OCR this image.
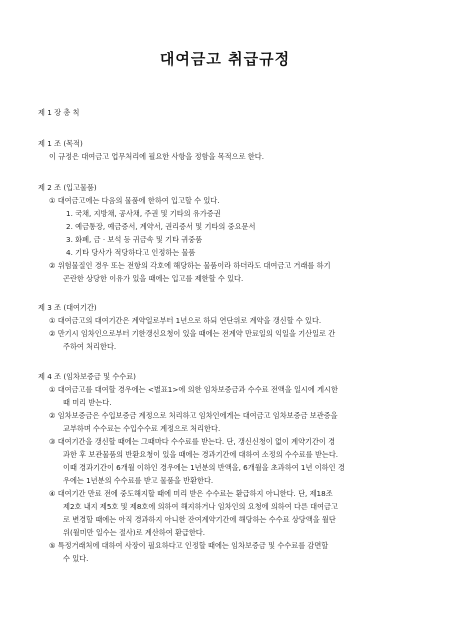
대여금고 취급규정
제 1 장 총 칙
제 1 조 (목적)
이 규정은 대여금고 업무처리에 필요한 사항을 정함을 목적으로 한다.
제 2 조 (입고물품)
① 대여금고에는 다음의 물품에 한하여 입고할 수 있다.
1. 국채, 지방채, 공사채, 주권 및 기타의 유가증권
2. 예금통장, 예금증서, 계약서, 권리증서 및 기타의 중요문서
3. 화폐, 금 · 보석 등 귀금속 및 기타 귀중품
4. 기타 당사가 적당하다고 인정하는 물품
② 위험물질인 경우 또는 전항의 각호에 해당하는 물품이라 하더라도 대여금고 거래를 하기
곤란한 상당한 이유가 있을 때에는 입고를 제한할 수 있다.
제 3 조 (대여기간)
① 대여금고의 대여기간은 계약일로부터 1년으로 하되 연단위로 계약을 갱신할 수 있다.
② 만기시 임차인으로부터 기한갱신요청이 있을 때에는 전계약 만료일의 익일을 기산일로 간
주하여 처리한다.
제 4 조 (임차보증금 및 수수료)
① 대여금고를 대여할 경우에는 <별표1>에 의한 임차보증금과 수수료 전액을 일시에 게시한
때 미리 받는다.
② 임차보증금은 수입보증금 계정으로 처리하고 임차인에게는 대여금고 임차보증금 보관증을
교부하며 수수료는 수입수수료 계정으로 처리한다.
③ 대여기간을 갱신할 때에는 그때마다 수수료를 받는다. 단, 갱신신청이 없이 계약기간이 경
과한 후 보관물품의 반환요청이 있을 때에는 경과기간에 대하여 소정의 수수료를 받는다.
이때 경과기간이 6개월 이하인 경우에는 1년분의 반액을, 6개월을 초과하여 1년 이하인 경
우에는 1년분의 수수료를 받고 물품을 반환한다.
④ 대여기간 만료 전에 중도해지할 때에 미리 받은 수수료는 환급하지 아니한다. 단, 제18조
제2호 내지 제5호 및 제8호에 의하여 해지하거나 임차인의 요청에 의하여 다른 대여금고
로 변경할 때에는 아직 경과하지 아니한 잔여계약기간에 해당하는 수수료 상당액을 월단
위(월미만 일수는 절사)로 계산하여 환급한다.
⑤ 특정거래처에 대하여 사장이 필요하다고 인정할 때에는 임차보증금 및 수수료를 감면할
수 있다.
